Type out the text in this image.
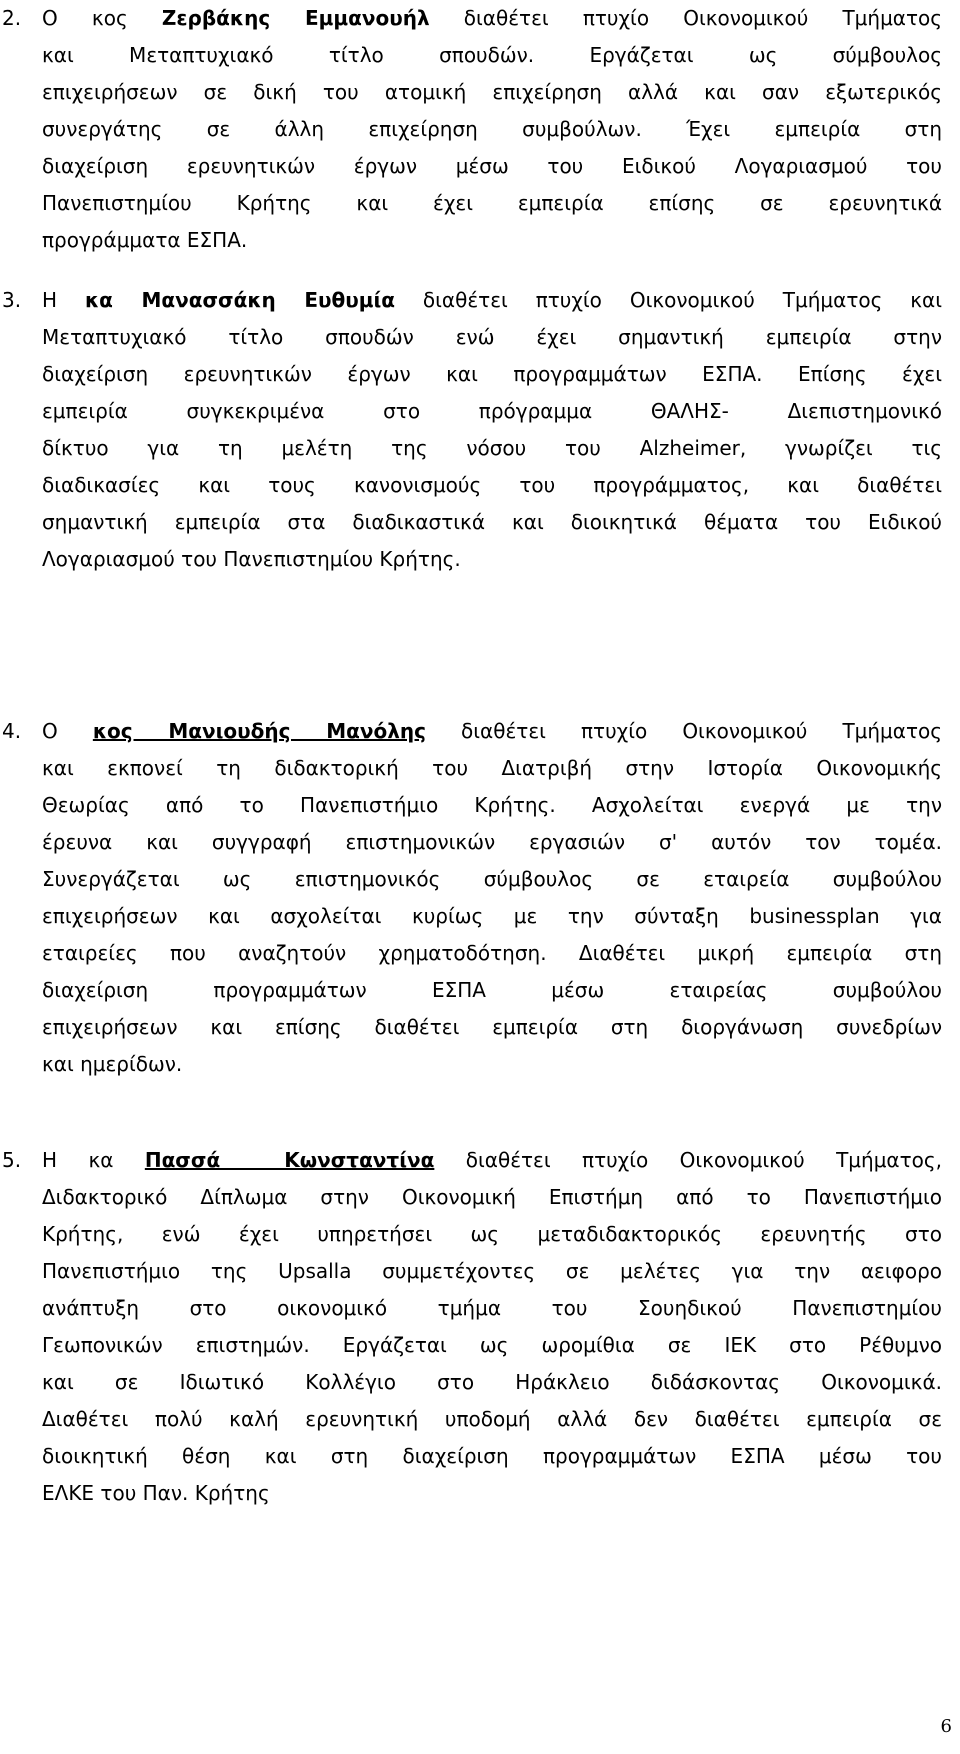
2. Ο κος Ζερβάκης Εμμανουήλ διαθέτει πτυχίο Οικονομικού Τμήματος
και Μεταπτυχιακό τίτλο σπουδών. Εργάζεται ως σύμβουλος
επιχειρήσεων σε δική του ατομική επιχείρηση αλλά και σαν εξωτερικός
συνεργάτης σε άλλη επιχείρηση συμβούλων. Έχει εμπειρία στη
διαχείριση ερευνητικών έργων μέσω του Ειδικού Λογαριασμού του
Πανεπιστημίου Κρήτης και έχει εμπειρία επίσης σε ερευνητικά
προγράμματα ΕΣΠΑ.
3. Η κα Μανασσάκη Ευθυμία διαθέτει πτυχίο Οικονομικού Τμήματος και
Μεταπτυχιακό τίτλο σπουδών ενώ έχει σημαντική εμπειρία στην
διαχείριση ερευνητικών έργων και προγραμμάτων ΕΣΠΑ. Επίσης έχει
εμπειρία συγκεκριμένα στο πρόγραμμα ΘΑΛΗΣ- Διεπιστημονικό
δίκτυο για τη μελέτη της νόσου του Alzheimer, γνωρίζει τις
διαδικασίες και τους κανονισμούς του προγράμματος, και διαθέτει
σημαντική εμπειρία στα διαδικαστικά και διοικητικά θέματα του Ειδικού
Λογαριασμού του Πανεπιστημίου Κρήτης.
4. Ο κος Μανιουδής Μανόλης διαθέτει πτυχίο Οικονομικού Τμήματος
και εκπονεί τη διδακτορική του Διατριβή στην Ιστορία Οικονομικής
Θεωρίας από το Πανεπιστήμιο Κρήτης. Ασχολείται ενεργά με την
έρευνα και συγγραφή επιστημονικών εργασιών σ' αυτόν τον τομέα.
Συνεργάζεται ως επιστημονικός σύμβουλος σε εταιρεία συμβούλου
επιχειρήσεων και ασχολείται κυρίως με την σύνταξη businessplan για
εταιρείες που αναζητούν χρηματοδότηση. Διαθέτει μικρή εμπειρία στη
διαχείριση προγραμμάτων ΕΣΠΑ μέσω εταιρείας συμβούλου
επιχειρήσεων και επίσης διαθέτει εμπειρία στη διοργάνωση συνεδρίων
και ημερίδων.
5. Η κα Πασσά  Κωνσταντίνα διαθέτει πτυχίο Οικονομικού Τμήματος,
Διδακτορικό Δίπλωμα στην Οικονομική Επιστήμη από το Πανεπιστήμιο
Κρήτης, ενώ έχει υπηρετήσει ως μεταδιδακτορικός ερευνητής στο
Πανεπιστήμιο της Upsalla συμμετέχοντες σε μελέτες για την αειφορο
ανάπτυξη στο οικονομικό τμήμα του Σουηδικού Πανεπιστημίου
Γεωπονικών επιστημών. Εργάζεται ως ωρομίθια σε ΙΕΚ στο Ρέθυμνο
και σε Ιδιωτικό Κολλέγιο στο Ηράκλειο διδάσκοντας Οικονομικά.
Διαθέτει πολύ καλή ερευνητική υποδομή αλλά δεν διαθέτει εμπειρία σε
διοικητική θέση και στη διαχείριση προγραμμάτων ΕΣΠΑ μέσω του
ΕΛΚΕ του Παν. Κρήτης
6
